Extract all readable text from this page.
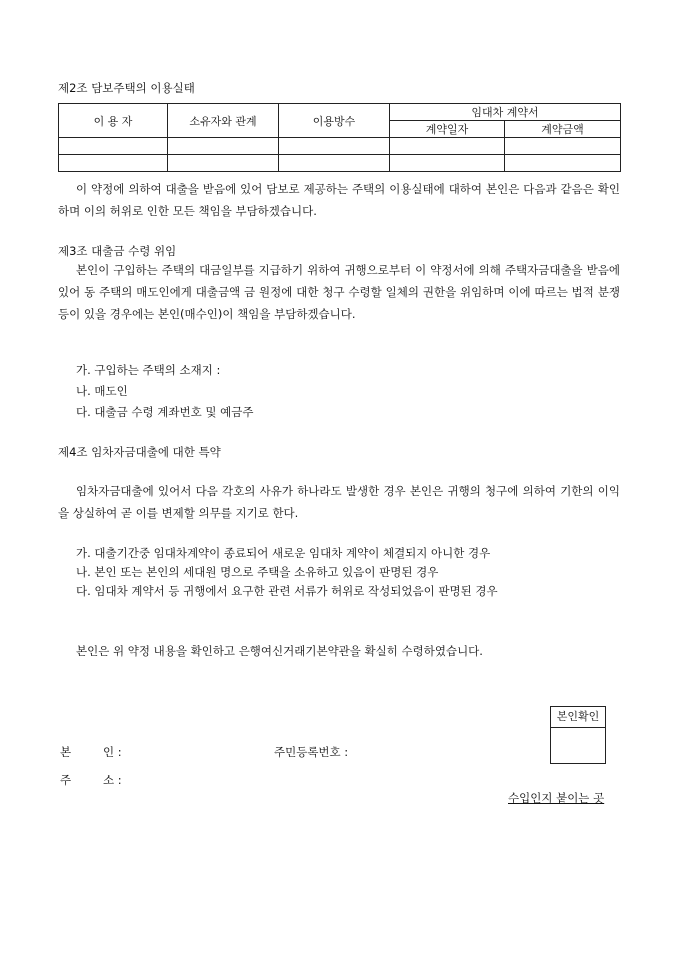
제2조 담보주택의 이용실태
이 용 자	소유자와 관계	이용방수	임대차 계약서	
			계약일자	계약금액

이 약정에 의하여 대출을 받음에 있어 담보로 제공하는 주택의 이용실태에 대하여 본인은 다음과 같음은 확인하며 이의 허위로 인한 모든 책임을 부담하겠습니다.
제3조 대출금 수령 위임
본인이 구입하는 주택의 대금일부를 지급하기 위하여 귀행으로부터 이 약정서에 의해 주택자금대출을 받음에 있어 동 주택의 매도인에게 대출금액 금 원정에 대한 청구 수령할 일체의 권한을 위임하며 이에 따르는 법적 분쟁 등이 있을 경우에는 본인(매수인)이 책임을 부담하겠습니다.
가. 구입하는 주택의 소재지 :
나. 매도인
다. 대출금 수령 계좌번호 및 예금주
제4조 임차자금대출에 대한 특약
임차자금대출에 있어서 다음 각호의 사유가 하나라도 발생한 경우 본인은 귀행의 청구에 의하여 기한의 이익을 상실하여 곧 이를 변제할 의무를 지기로 한다.
가. 대출기간중 임대차계약이 종료되어 새로운 임대차 계약이 체결되지 아니한 경우
나. 본인 또는 본인의 세대원 명으로 주택을 소유하고 있음이 판명된 경우
다. 임대차 계약서 등 귀행에서 요구한 관련 서류가 허위로 작성되었음이 판명된 경우
본인은 위 약정 내용을 확인하고 은행여신거래기본약관을 확실히 수령하였습니다.
본인확인
본	인 :	주민등록번호 :
주	소 :
수입인지 붙이는 곳
